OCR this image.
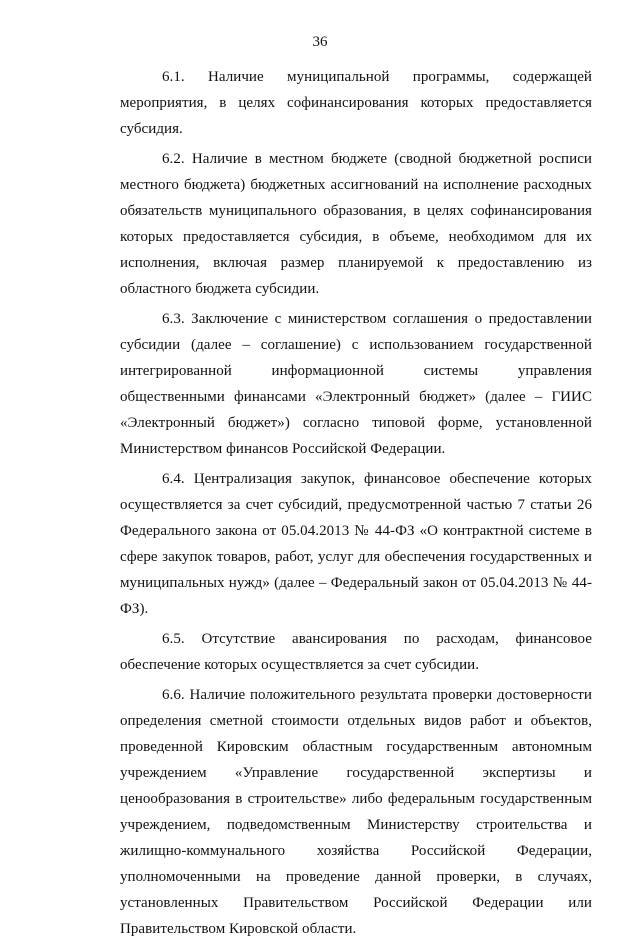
36

6.1. Наличие муниципальной программы, содержащей мероприятия, в целях софинансирования которых предоставляется субсидия.

6.2. Наличие в местном бюджете (сводной бюджетной росписи местного бюджета) бюджетных ассигнований на исполнение расходных обязательств муниципального образования, в целях софинансирования которых предоставляется субсидия, в объеме, необходимом для их исполнения, включая размер планируемой к предоставлению из областного бюджета субсидии.

6.3. Заключение с министерством соглашения о предоставлении субсидии (далее – соглашение) с использованием государственной интегрированной информационной системы управления общественными финансами «Электронный бюджет» (далее – ГИИС «Электронный бюджет») согласно типовой форме, установленной Министерством финансов Российской Федерации.

6.4. Централизация закупок, финансовое обеспечение которых осуществляется за счет субсидий, предусмотренной частью 7 статьи 26 Федерального закона от 05.04.2013 № 44-ФЗ «О контрактной системе в сфере закупок товаров, работ, услуг для обеспечения государственных и муниципальных нужд» (далее – Федеральный закон от 05.04.2013 № 44-ФЗ).

6.5. Отсутствие авансирования по расходам, финансовое обеспечение которых осуществляется за счет субсидии.

6.6. Наличие положительного результата проверки достоверности определения сметной стоимости отдельных видов работ и объектов, проведенной Кировским областным государственным автономным учреждением «Управление государственной экспертизы и ценообразования в строительстве» либо федеральным государственным учреждением, подведомственным Министерству строительства и жилищно-коммунального хозяйства Российской Федерации, уполномоченными на проведение данной проверки, в случаях, установленных Правительством Российской Федерации или Правительством Кировской области.
